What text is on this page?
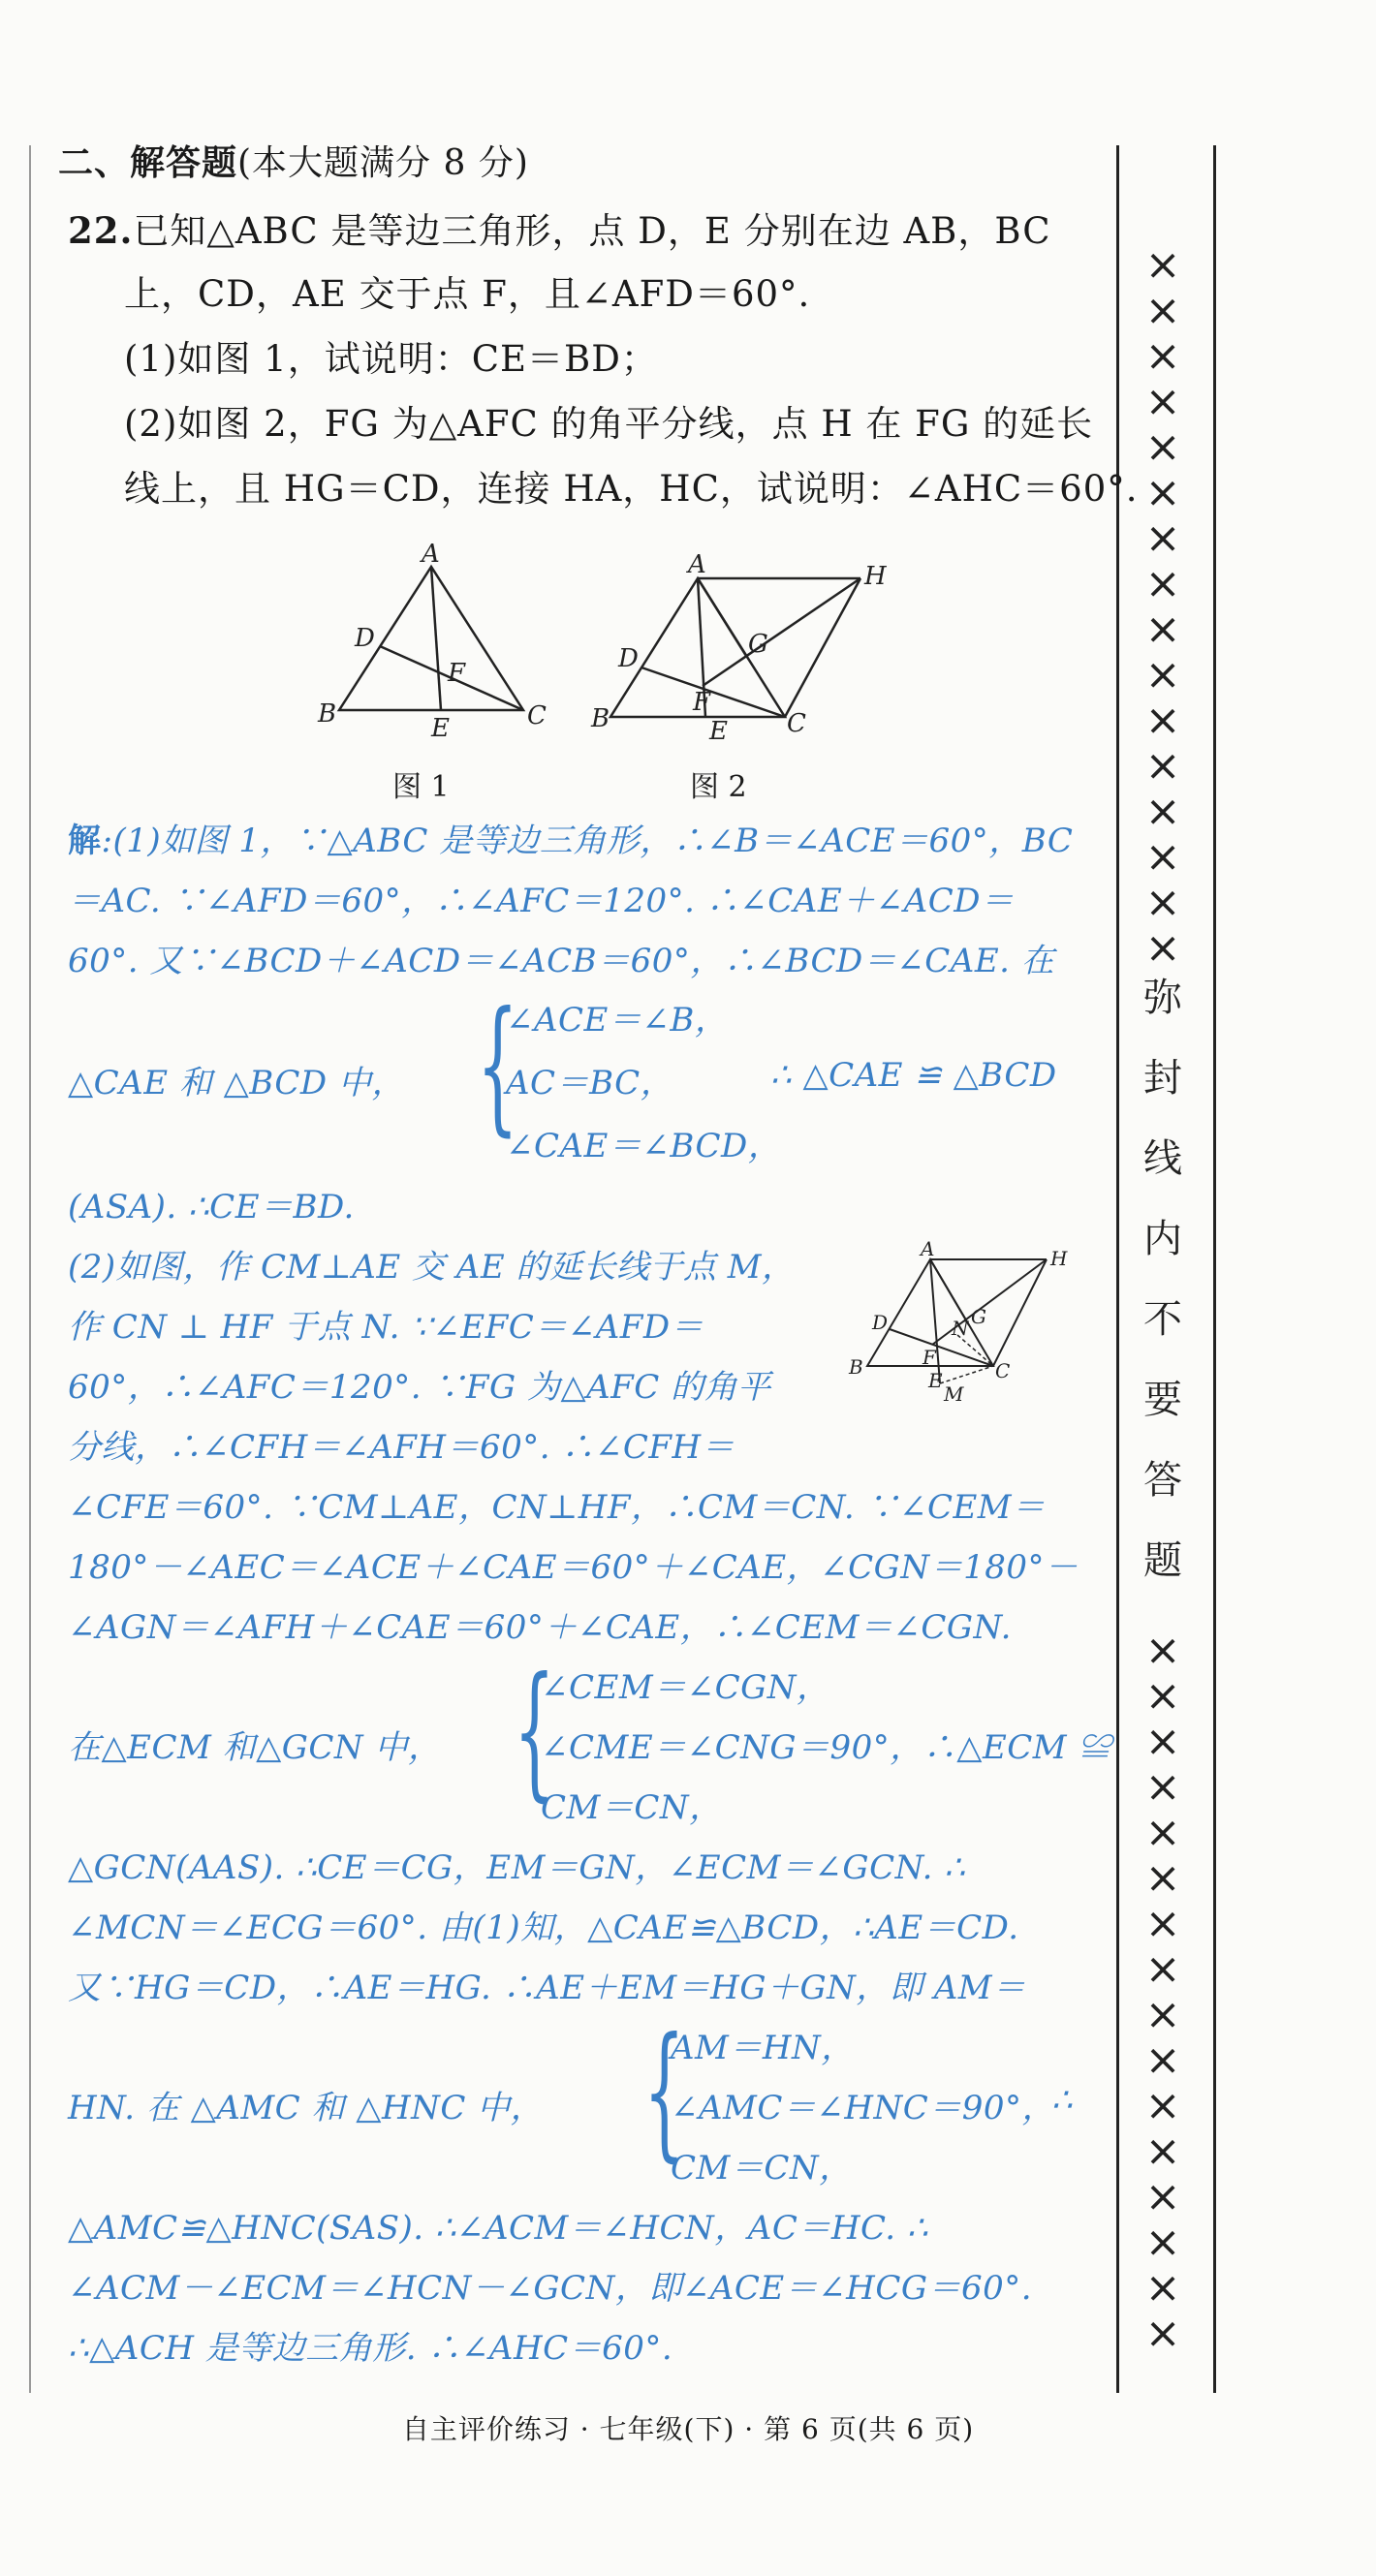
二、解答题(本大题满分 8 分)
22.已知△ABC 是等边三角形，点 D，E 分别在边 AB，BC
上，CD，AE 交于点 F，且∠AFD＝60°.
(1)如图 1，试说明：CE＝BD；
(2)如图 2，FG 为△AFC 的角平分线，点 H 在 FG 的延长
线上，且 HG＝CD，连接 HA，HC，试说明：∠AHC＝60°.
A
B	C
D
E
F
图 1
A	H
B	C
D
E
F
G
图 2
解:(1)如图 1，∵△ABC 是等边三角形，∴∠B＝∠ACE＝60°，BC
＝AC. ∵∠AFD＝60°，∴∠AFC＝120°. ∴∠CAE＋∠ACD＝
60°. 又∵∠BCD＋∠ACD＝∠ACB＝60°，∴∠BCD＝∠CAE. 在
△CAE 和 △BCD 中， {
∠ACE＝∠B，
AC＝BC，
∠CAE＝∠BCD，
∴ △CAE ≌ △BCD
(ASA). ∴CE＝BD.
(2)如图，作 CM⊥AE 交 AE 的延长线于点 M，
作 CN ⊥ HF 于点 N. ∵∠EFC＝∠AFD＝
60°，∴∠AFC＝120°. ∵FG 为△AFC 的角平
分线，∴∠CFH＝∠AFH＝60°. ∴∠CFH＝
A	H
B	C
D
E
F
G
M
N
∠CFE＝60°. ∵CM⊥AE，CN⊥HF，∴CM＝CN. ∵∠CEM＝
180°－∠AEC＝∠ACE＋∠CAE＝60°＋∠CAE，∠CGN＝180°－
∠AGN＝∠AFH＋∠CAE＝60°＋∠CAE，∴∠CEM＝∠CGN.
在△ECM 和△GCN 中， {
∠CEM＝∠CGN，
∠CME＝∠CNG＝90°，∴△ECM ≌
CM＝CN，
△GCN(AAS). ∴CE＝CG，EM＝GN，∠ECM＝∠GCN. ∴
∠MCN＝∠ECG＝60°. 由(1)知，△CAE≌△BCD，∴AE＝CD.
又∵HG＝CD，∴AE＝HG. ∴AE＋EM＝HG＋GN，即 AM＝
HN. 在 △AMC 和 △HNC 中， {
AM＝HN，
∠AMC＝∠HNC＝90°，
CM＝CN，
∴
△AMC≌△HNC(SAS). ∴∠ACM＝∠HCN，AC＝HC. ∴
∠ACM－∠ECM＝∠HCN－∠GCN，即∠ACE＝∠HCG＝60°.
∴△ACH 是等边三角形. ∴∠AHC＝60°.
××××××××××××××××
弥
封
线
内
不
要
答
题
××××××××××××××××
自主评价练习 · 七年级(下) · 第 6 页(共 6 页)
